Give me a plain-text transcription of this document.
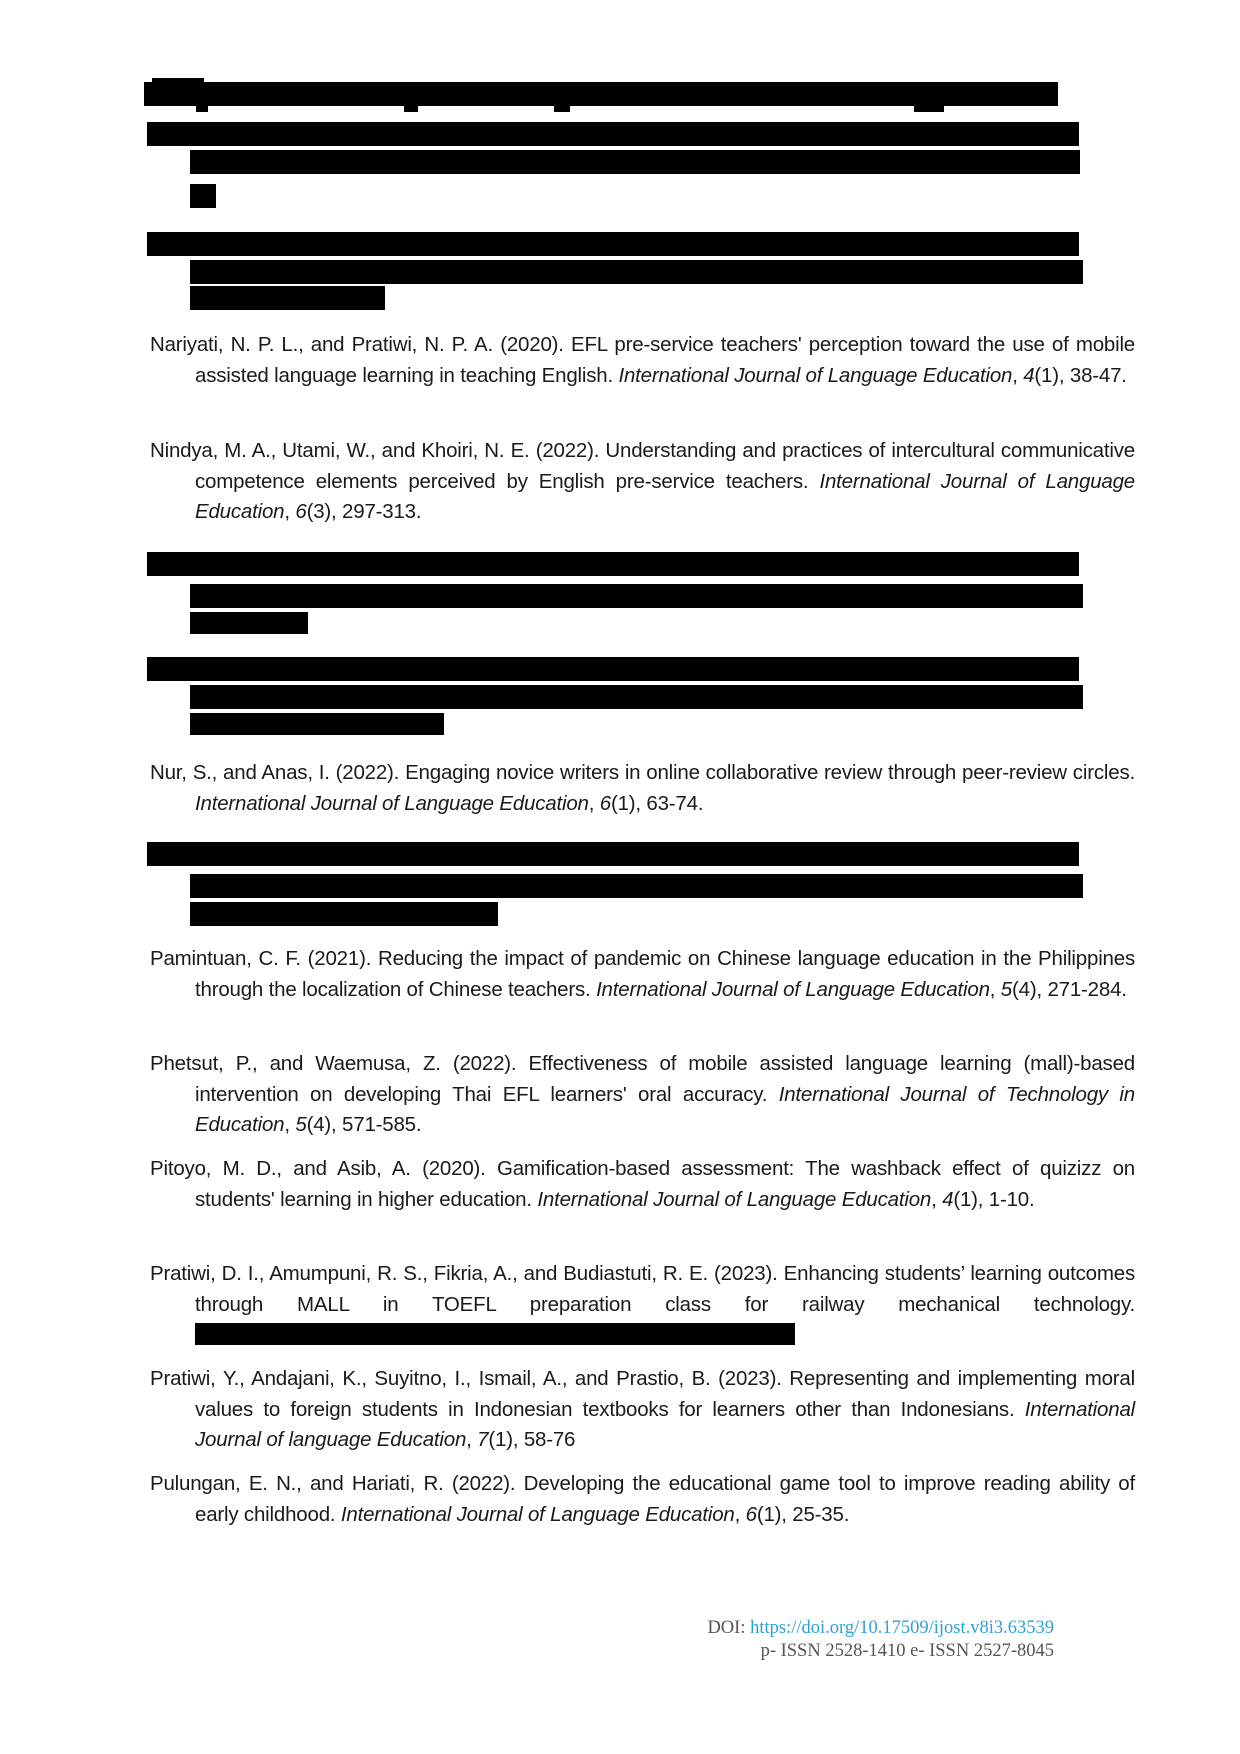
Nariyati, N. P. L., and Pratiwi, N. P. A. (2020). EFL pre-service teachers' perception toward the use of mobile assisted language learning in teaching English. International Journal of Language Education, 4(1), 38-47.

Nindya, M. A., Utami, W., and Khoiri, N. E. (2022). Understanding and practices of intercultural communicative competence elements perceived by English pre-service teachers. International Journal of Language Education, 6(3), 297-313.

Nur, S., and Anas, I. (2022). Engaging novice writers in online collaborative review through peer-review circles. International Journal of Language Education, 6(1), 63-74.

Pamintuan, C. F. (2021). Reducing the impact of pandemic on Chinese language education in the Philippines through the localization of Chinese teachers. International Journal of Language Education, 5(4), 271-284.

Phetsut, P., and Waemusa, Z. (2022). Effectiveness of mobile assisted language learning (mall)-based intervention on developing Thai EFL learners' oral accuracy. International Journal of Technology in Education, 5(4), 571-585.

Pitoyo, M. D., and Asib, A. (2020). Gamification-based assessment: The washback effect of quizizz on students' learning in higher education. International Journal of Language Education, 4(1), 1-10.

Pratiwi, D. I., Amumpuni, R. S., Fikria, A., and Budiastuti, R. E. (2023). Enhancing students’ learning outcomes through MALL in TOEFL preparation class for railway mechanical technology.

Pratiwi, Y., Andajani, K., Suyitno, I., Ismail, A., and Prastio, B. (2023). Representing and implementing moral values to foreign students in Indonesian textbooks for learners other than Indonesians. International Journal of language Education, 7(1), 58-76

Pulungan, E. N., and Hariati, R. (2022). Developing the educational game tool to improve reading ability of early childhood. International Journal of Language Education, 6(1), 25-35.

DOI: https://doi.org/10.17509/ijost.v8i3.63539
p- ISSN 2528-1410 e- ISSN 2527-8045
